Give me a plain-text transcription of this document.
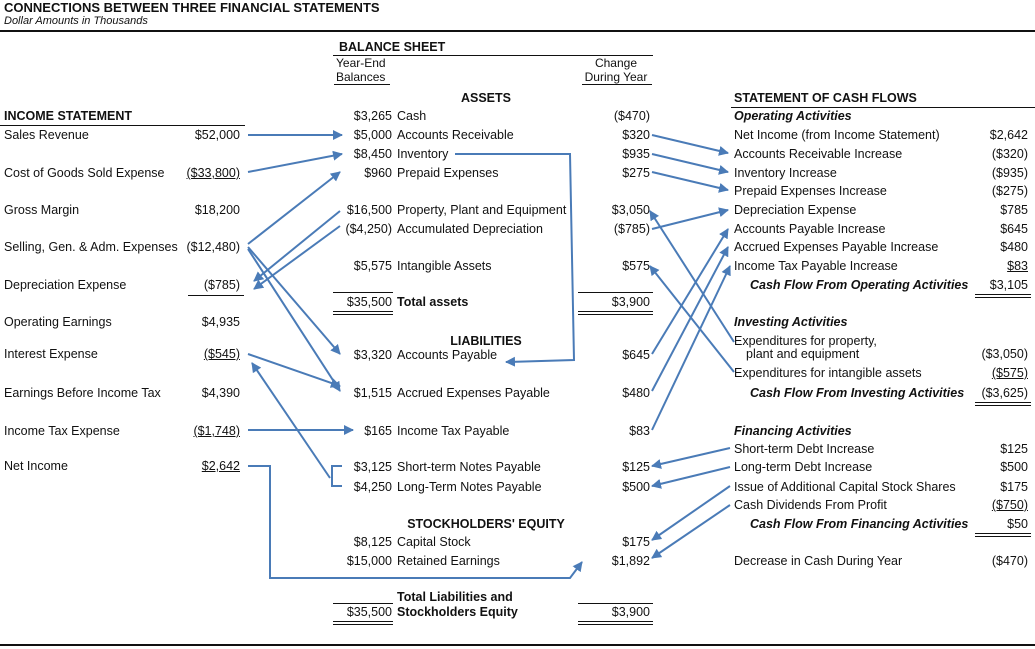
CONNECTIONS BETWEEN THREE FINANCIAL STATEMENTS
Dollar Amounts in Thousands
INCOME STATEMENT
Sales Revenue	$52,000
Cost of Goods Sold Expense	($33,800)
Gross Margin	$18,200
Selling, Gen. & Adm. Expenses ($12,480)
Depreciation Expense	($785)
Operating Earnings	$4,935
Interest Expense	($545)
Earnings Before Income Tax	$4,390
Income Tax Expense	($1,748)
Net Income	$2,642
BALANCE SHEET
Year-End
Balances
Change
During Year
ASSETS
$3,265 Cash	($470)
$5,000 Accounts Receivable	$320
$8,450 Inventory	$935
$960 Prepaid Expenses	$275
$16,500 Property, Plant and Equipment	$3,050
($4,250) Accumulated Depreciation	($785)
$5,575 Intangible Assets	$575
$35,500 Total assets	$3,900
LIABILITIES
$3,320 Accounts Payable	$645
$1,515 Accrued Expenses Payable	$480
$165 Income Tax Payable	$83
$3,125 Short-term Notes Payable	$125
$4,250 Long-Term Notes Payable	$500
STOCKHOLDERS' EQUITY
$8,125 Capital Stock	$175
$15,000 Retained Earnings	$1,892
Total Liabilities and
Stockholders Equity
$35,500	$3,900
STATEMENT OF CASH FLOWS
Operating Activities
Net Income (from Income Statement)	$2,642
Accounts Receivable Increase	($320)
Inventory Increase	($935)
Prepaid Expenses Increase	($275)
Depreciation Expense	$785
Accounts Payable Increase	$645
Accrued Expenses Payable Increase	$480
Income Tax Payable Increase	$83
Cash Flow From Operating Activities	$3,105
Investing Activities
Expenditures for property,
plant and equipment	($3,050)
Expenditures for intangible assets	($575)
Cash Flow From Investing Activities	($3,625)
Financing Activities
Short-term Debt Increase	$125
Long-term Debt Increase	$500
Issue of Additional Capital Stock Shares	$175
Cash Dividends From Profit	($750)
Cash Flow From Financing Activities	$50
Decrease in Cash During Year	($470)
